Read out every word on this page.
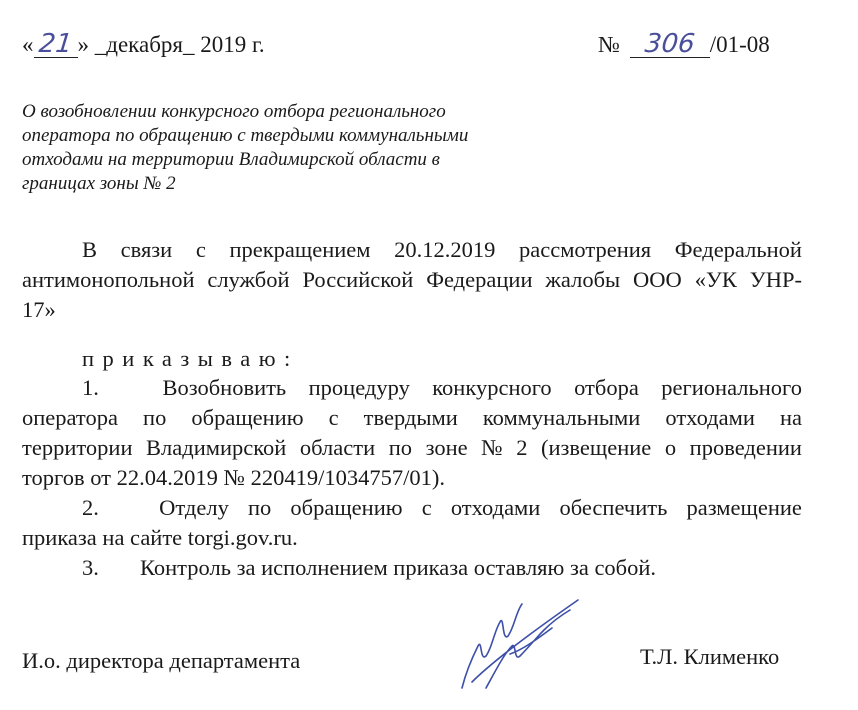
« 21 » _декабря_ 2019 г.	№ 306 /01-08
О возобновлении конкурсного отбора регионального
оператора по обращению с твердыми коммунальными
отходами на территории Владимирской области в
границах зоны № 2
В связи с прекращением 20.12.2019 рассмотрения Федеральной
антимонопольной службой Российской Федерации жалобы ООО «УК УНР-
17»
приказываю:
1.	Возобновить процедуру конкурсного отбора регионального
оператора по обращению с твердыми коммунальными отходами на
территории Владимирской области по зоне № 2 (извещение о проведении
торгов от 22.04.2019 № 220419/1034757/01).
2.	Отделу по обращению с отходами обеспечить размещение
приказа на сайте torgi.gov.ru.
3. Контроль за исполнением приказа оставляю за собой.
И.о. директора департамента	Т.Л. Клименко
